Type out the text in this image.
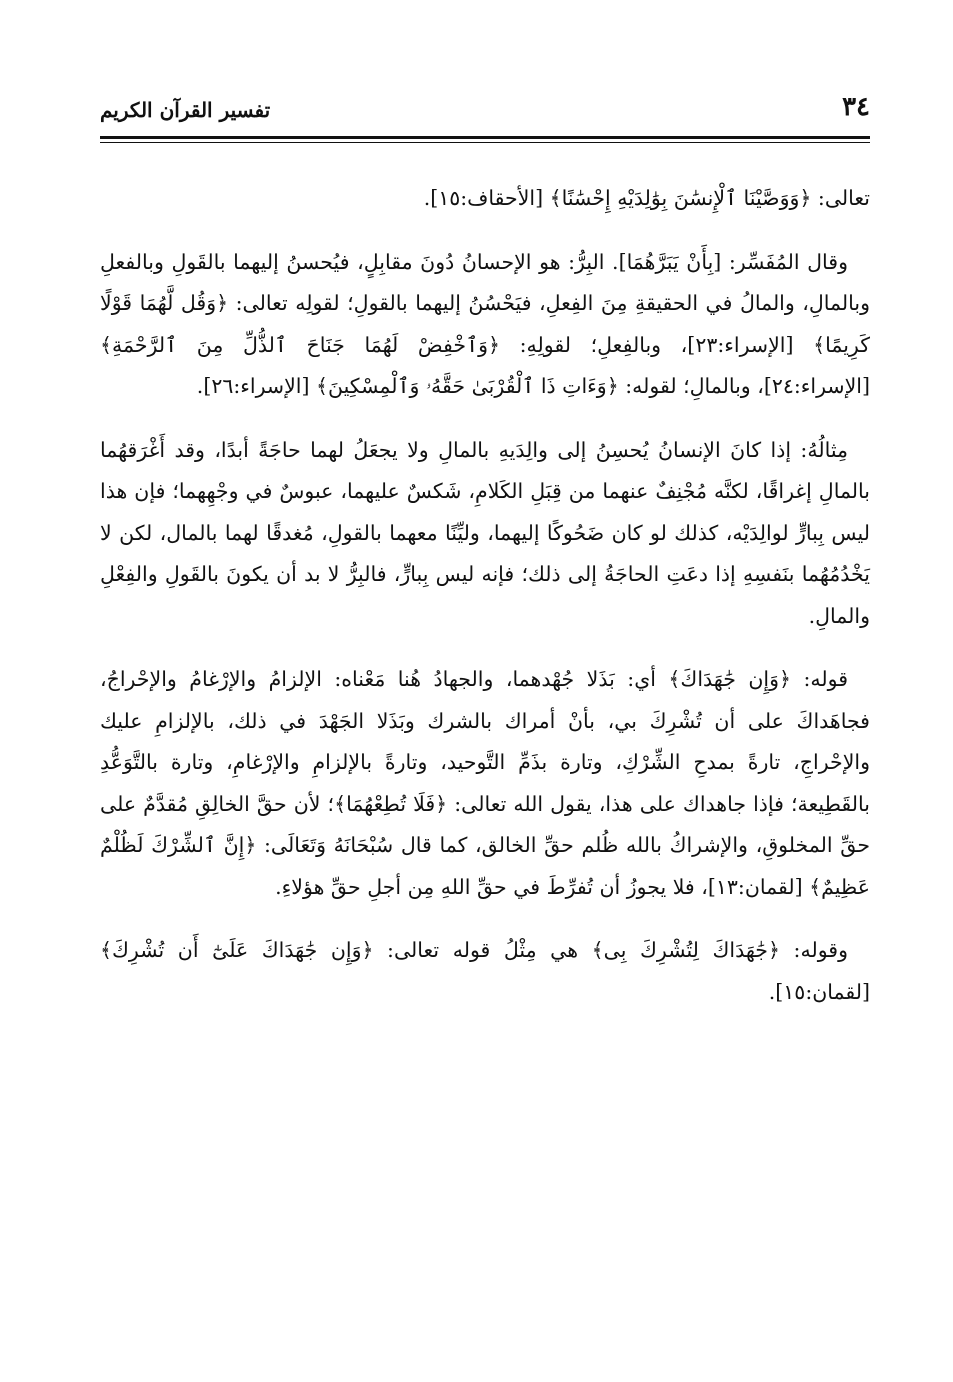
٣٤
تفسير القرآن الكريم

تعالى: ﴿وَوَصَّيْنَا ٱلْإِنسَٰنَ بِوَٰلِدَيْهِ إِحْسَٰنًا﴾ [الأحقاف:١٥].

وقال المُفَسِّر: [بِأَنْ يَبَرَّهُمَا]. البِرُّ: هو الإحسانُ دُونَ مقابِلٍ، فيُحسنُ إليهما بالقَولِ وبالفعلِ وبالمالِ، والمالُ في الحقيقةِ مِنَ الفِعلِ، فيَحْسُنُ إليهما بالقولِ؛ لقولِه تعالى: ﴿وَقُل لَّهُمَا قَوْلًا كَرِيمًا﴾ [الإسراء:٢٣]، وبالفِعلِ؛ لقولِهِ: ﴿وَٱخْفِضْ لَهُمَا جَنَاحَ ٱلذُّلِّ مِنَ ٱلرَّحْمَةِ﴾ [الإسراء:٢٤]، وبالمالِ؛ لقوله: ﴿وَءَاتِ ذَا ٱلْقُرْبَىٰ حَقَّهُۥ وَٱلْمِسْكِينَ﴾ [الإسراء:٢٦].

مِثالُهُ: إذا كانَ الإنسانُ يُحسِنُ إلى والِدَيهِ بالمالِ ولا يجعَلُ لهما حاجَةً أبدًا، وقد أَغْرَقهُما بالمالِ إغراقًا، لكنَّه مُجْنِفٌ عنهما من قِبَلِ الكَلامِ، شَكسٌ عليهما، عبوسٌ في وجْهِهما؛ فإن هذا ليس بِبارٍّ لوالِدَيْه، كذلك لو كان ضَحُوكًا إليهما، وليِّنًا معهما بالقولِ، مُغدقًا لهما بالمال، لكن لا يَخْدُمُهُما بنَفسِهِ إذا دعَتِ الحاجَةُ إلى ذلك؛ فإنه ليس بِبارٍّ، فالبِرُّ لا بد أن يكونَ بالقَولِ والفِعْلِ والمالِ.

قوله: ﴿وَإِن جَٰهَدَاكَ﴾ أي: بَذَلا جُهْدهما، والجهادُ هُنا مَعْناه: الإلزامُ والإرْغامُ والإحْراجُ، فجاهَداكَ على أن تُشْرِكَ بي، بأنْ أمراك بالشرك وبَذَلا الجَهْدَ في ذلك، بالإلزامِ عليك والإحْراجِ، تارةً بمدحِ الشِّرْكِ، وتارة بذَمِّ التَّوحيد، وتارةً بالإلزامِ والإرْغامِ، وتارة بالتَّوَعُّدِ بالقَطِيعة؛ فإذا جاهداك على هذا، يقول الله تعالى: ﴿فَلَا تُطِعْهُمَا﴾؛ لأن حقَّ الخالِقِ مُقدَّمٌ على حقِّ المخلوقِ، والإشراكُ بالله ظُلم حقِّ الخالق، كما قال سُبْحَانَهُ وَتَعَالَى: ﴿إِنَّ ٱلشِّرْكَ لَظُلْمٌ عَظِيمٌ﴾ [لقمان:١٣]، فلا يجوزُ أن تُفرِّطَ في حقِّ اللهِ مِن أجلِ حقِّ هؤلاءِ.

وقوله: ﴿جَٰهَدَاكَ لِتُشْرِكَ بِى﴾ هي مِثْلُ قوله تعالى: ﴿وَإِن جَٰهَدَاكَ عَلَىٰٓ أَن تُشْرِكَ﴾ [لقمان:١٥].
